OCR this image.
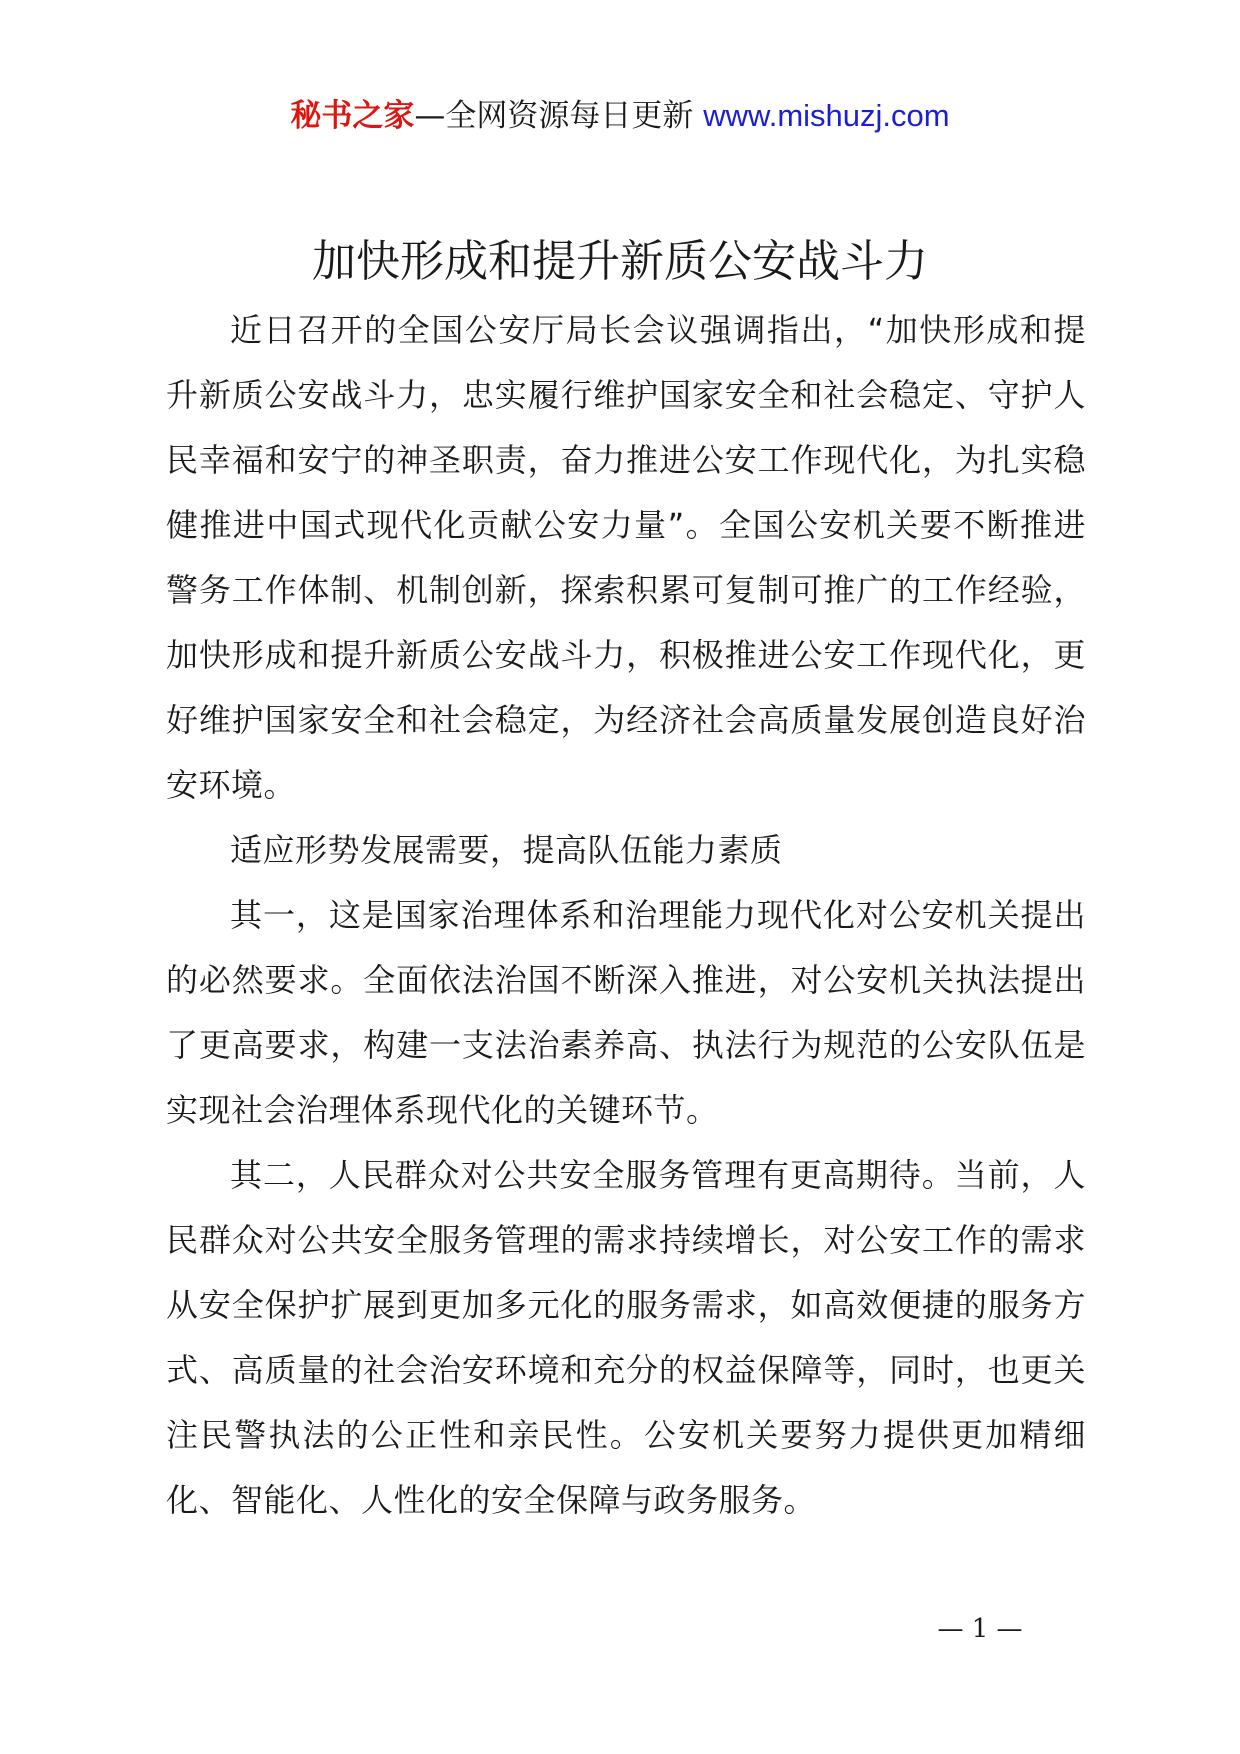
秘书之家—全网资源每日更新 www.mishuzj.com
加快形成和提升新质公安战斗力

近日召开的全国公安厅局长会议强调指出，“加快形成和提升新质公安战斗力，忠实履行维护国家安全和社会稳定、守护人民幸福和安宁的神圣职责，奋力推进公安工作现代化，为扎实稳健推进中国式现代化贡献公安力量”。全国公安机关要不断推进警务工作体制、机制创新，探索积累可复制可推广的工作经验，加快形成和提升新质公安战斗力，积极推进公安工作现代化，更好维护国家安全和社会稳定，为经济社会高质量发展创造良好治安环境。

适应形势发展需要，提高队伍能力素质

其一，这是国家治理体系和治理能力现代化对公安机关提出的必然要求。全面依法治国不断深入推进，对公安机关执法提出了更高要求，构建一支法治素养高、执法行为规范的公安队伍是实现社会治理体系现代化的关键环节。

其二，人民群众对公共安全服务管理有更高期待。当前，人民群众对公共安全服务管理的需求持续增长，对公安工作的需求从安全保护扩展到更加多元化的服务需求，如高效便捷的服务方式、高质量的社会治安环境和充分的权益保障等，同时，也更关注民警执法的公正性和亲民性。公安机关要努力提供更加精细化、智能化、人性化的安全保障与政务服务。

— 1 —
